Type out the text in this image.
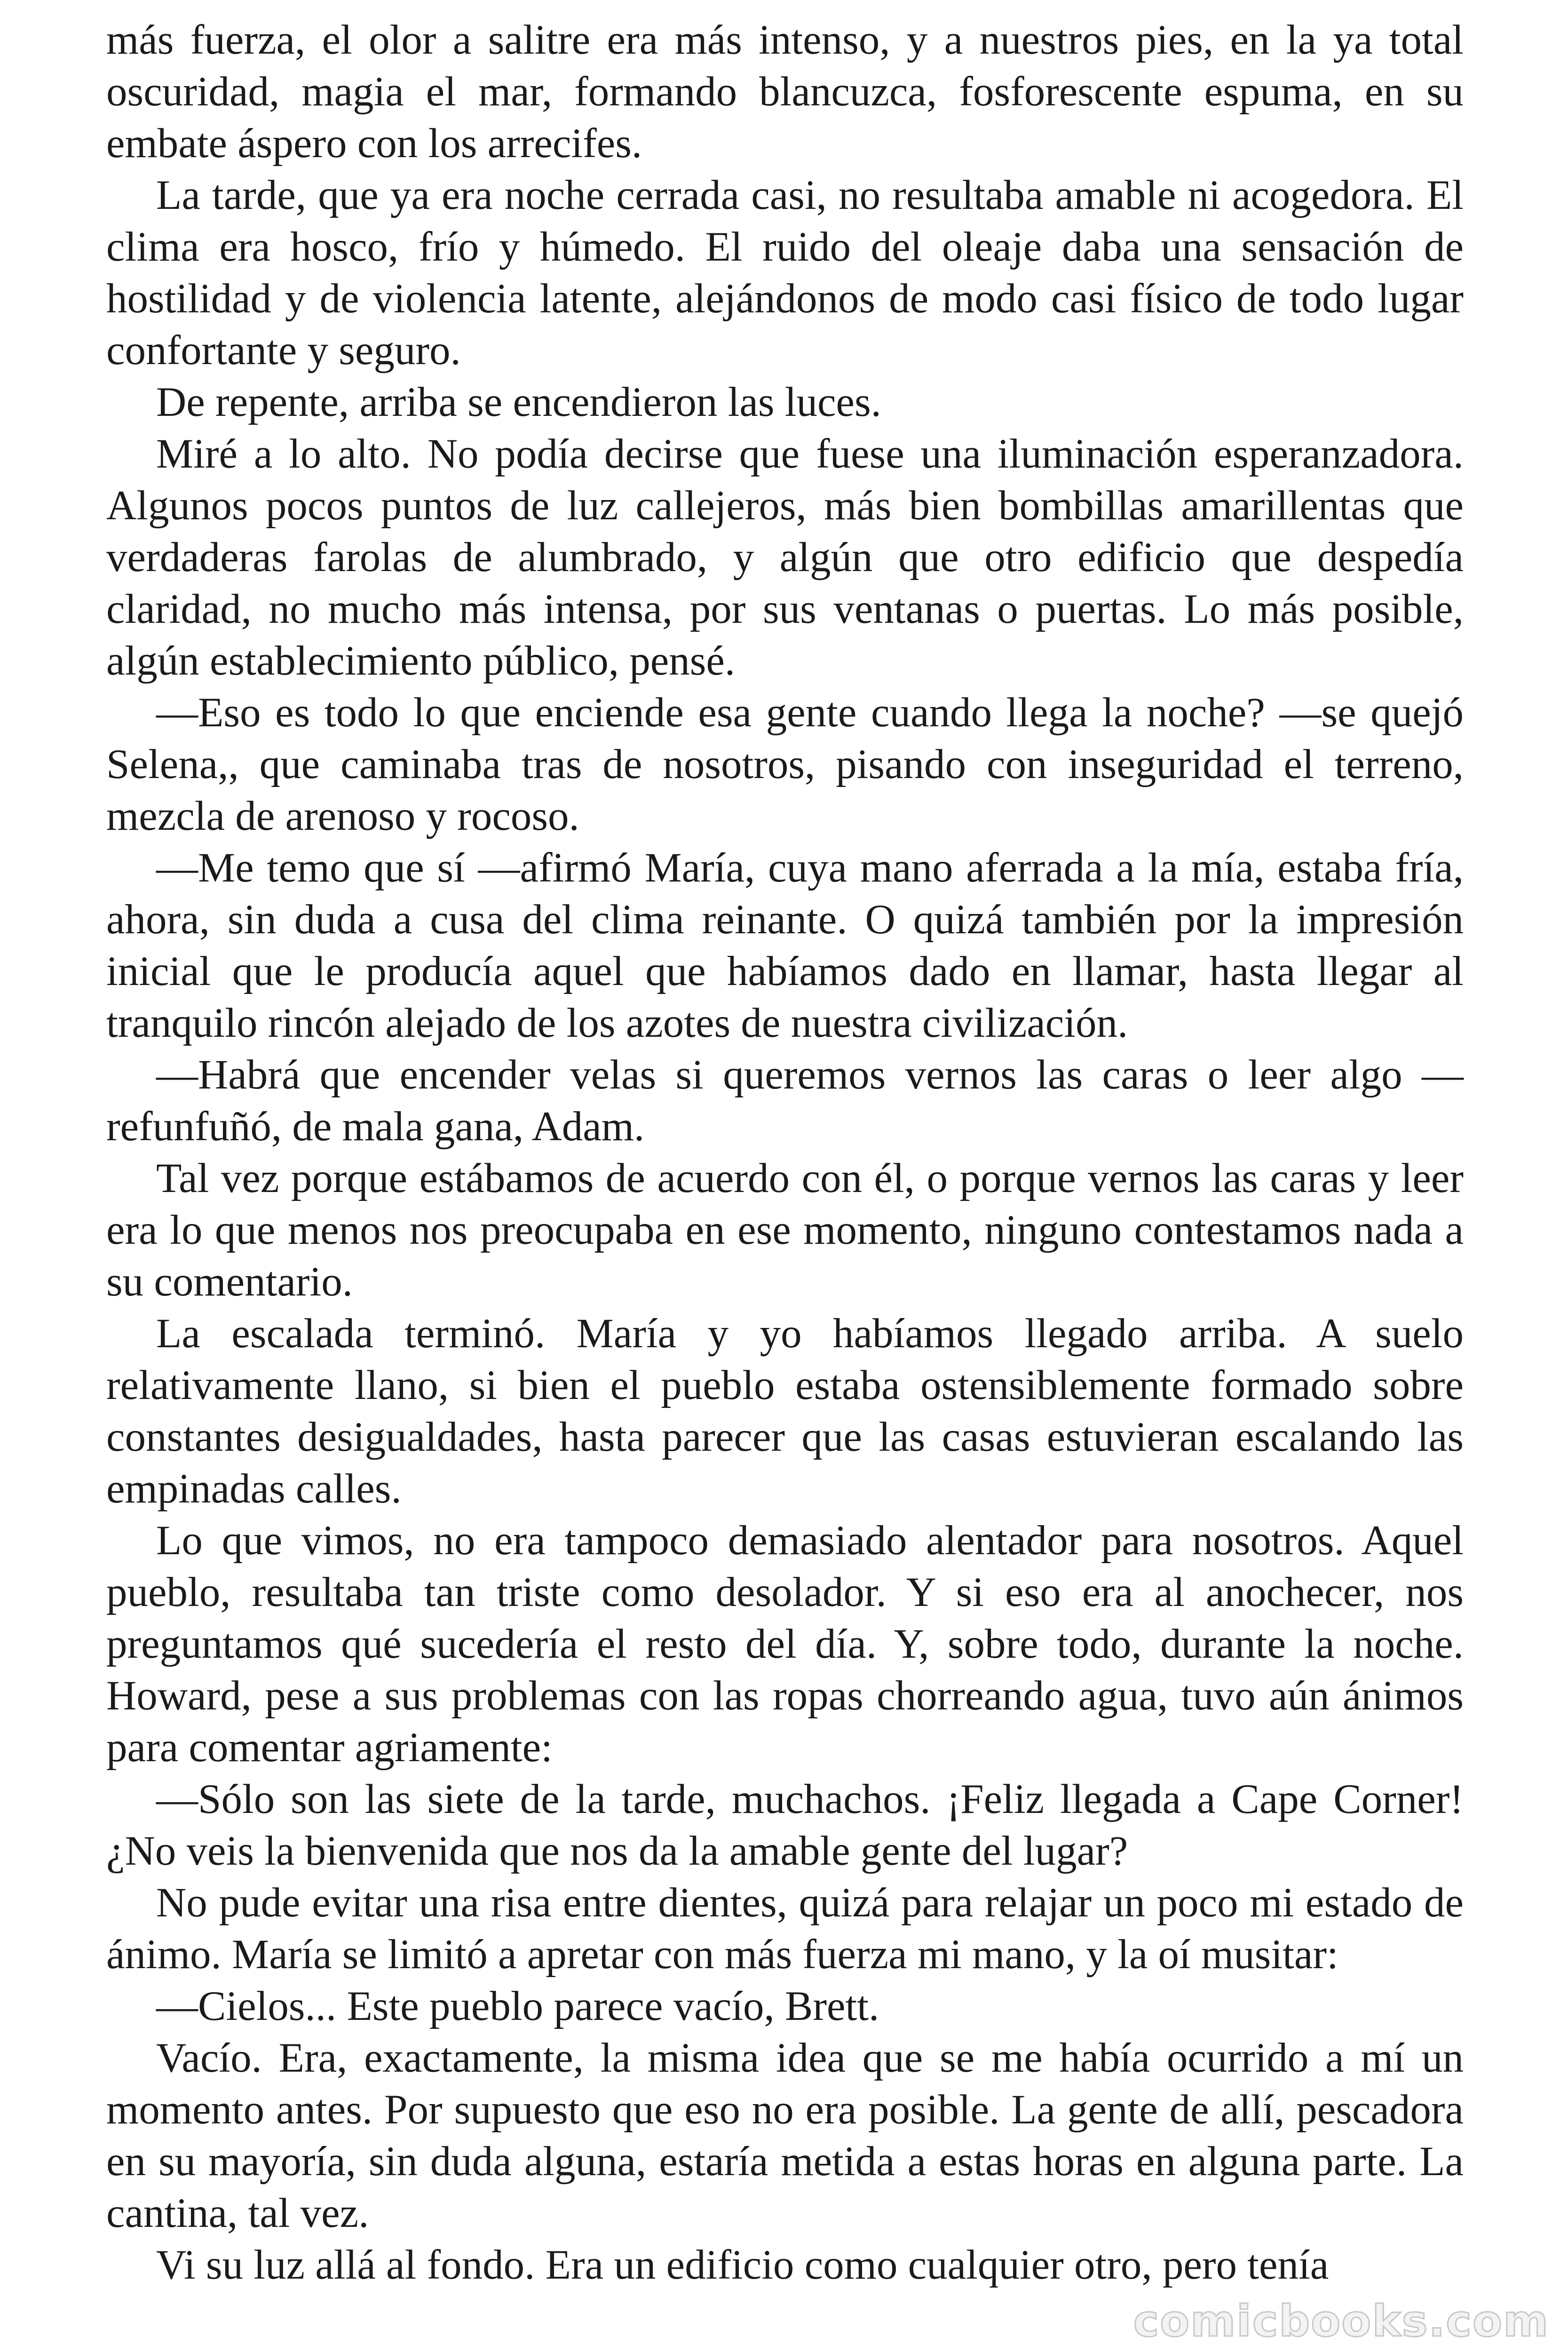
más fuerza, el olor a salitre era más intenso, y a nuestros pies, en la ya total oscuridad, magia el mar, formando blancuzca, fosforescente espuma, en su embate áspero con los arrecifes.

La tarde, que ya era noche cerrada casi, no resultaba amable ni acogedora. El clima era hosco, frío y húmedo. El ruido del oleaje daba una sensación de hostilidad y de violencia latente, alejándonos de modo casi físico de todo lugar confortante y seguro.

De repente, arriba se encendieron las luces.

Miré a lo alto. No podía decirse que fuese una iluminación esperanzadora. Algunos pocos puntos de luz callejeros, más bien bombillas amarillentas que verdaderas farolas de alumbrado, y algún que otro edificio que despedía claridad, no mucho más intensa, por sus ventanas o puertas. Lo más posible, algún establecimiento público, pensé.

—Eso es todo lo que enciende esa gente cuando llega la noche? —se quejó Selena,, que caminaba tras de nosotros, pisando con inseguridad el terreno, mezcla de arenoso y rocoso.

—Me temo que sí —afirmó María, cuya mano aferrada a la mía, estaba fría, ahora, sin duda a cusa del clima reinante. O quizá también por la impresión inicial que le producía aquel que habíamos dado en llamar, hasta llegar al tranquilo rincón alejado de los azotes de nuestra civilización.

—Habrá que encender velas si queremos vernos las caras o leer algo —refunfuñó, de mala gana, Adam.

Tal vez porque estábamos de acuerdo con él, o porque vernos las caras y leer era lo que menos nos preocupaba en ese momento, ninguno contestamos nada a su comentario.

La escalada terminó. María y yo habíamos llegado arriba. A suelo relativamente llano, si bien el pueblo estaba ostensiblemente formado sobre constantes desigualdades, hasta parecer que las casas estuvieran escalando las empinadas calles.

Lo que vimos, no era tampoco demasiado alentador para nosotros. Aquel pueblo, resultaba tan triste como desolador. Y si eso era al anochecer, nos preguntamos qué sucedería el resto del día. Y, sobre todo, durante la noche. Howard, pese a sus problemas con las ropas chorreando agua, tuvo aún ánimos para comentar agriamente:

—Sólo son las siete de la tarde, muchachos. ¡Feliz llegada a Cape Corner! ¿No veis la bienvenida que nos da la amable gente del lugar?

No pude evitar una risa entre dientes, quizá para relajar un poco mi estado de ánimo. María se limitó a apretar con más fuerza mi mano, y la oí musitar:

—Cielos... Este pueblo parece vacío, Brett.

Vacío. Era, exactamente, la misma idea que se me había ocurrido a mí un momento antes. Por supuesto que eso no era posible. La gente de allí, pescadora en su mayoría, sin duda alguna, estaría metida a estas horas en alguna parte. La cantina, tal vez.

Vi su luz allá al fondo. Era un edificio como cualquier otro, pero tenía

comicbooks.com
